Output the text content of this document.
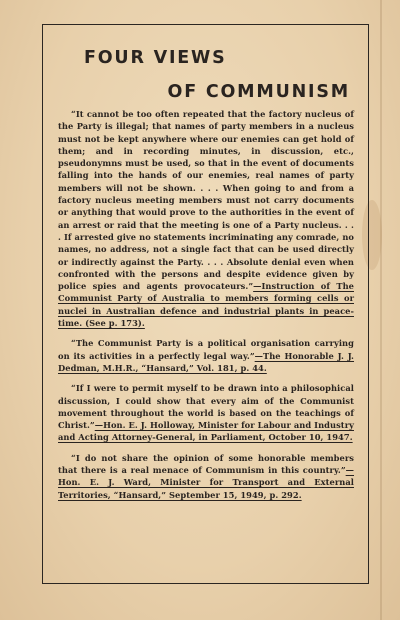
FOUR VIEWS
OF COMMUNISM

“It cannot be too often repeated that the factory nucleus of the Party is illegal; that names of party members in a nucleus must not be kept anywhere where our enemies can get hold of them; and in recording minutes, in discussion, etc., pseudonymns must be used, so that in the event of documents falling into the hands of our enemies, real names of party members will not be shown. . . . When going to and from a factory nucleus meeting members must not carry documents or anything that would prove to the authorities in the event of an arrest or raid that the meeting is one of a Party nucleus. . . . If arrested give no statements incriminating any comrade, no names, no address, not a single fact that can be used directly or indirectly against the Party. . . . Absolute denial even when confronted with the persons and despite evidence given by police spies and agents provocateurs.”—Instruction of The Communist Party of Australia to members forming cells or nuclei in Australian defence and industrial plants in peace-time. (See p. 173).

“The Communist Party is a political organisation carrying on its activities in a perfectly legal way.”—The Honorable J. J. Dedman, M.H.R., “Hansard,” Vol. 181, p. 44.

“If I were to permit myself to be drawn into a philosophical discussion, I could show that every aim of the Communist movement throughout the world is based on the teachings of Christ.”—Hon. E. J. Holloway, Minister for Labour and Industry and Acting Attorney-General, in Parliament, October 10, 1947.

“I do not share the opinion of some honorable members that there is a real menace of Communism in this country.”—Hon. E. J. Ward, Minister for Transport and External Territories, “Hansard,” September 15, 1949, p. 292.
